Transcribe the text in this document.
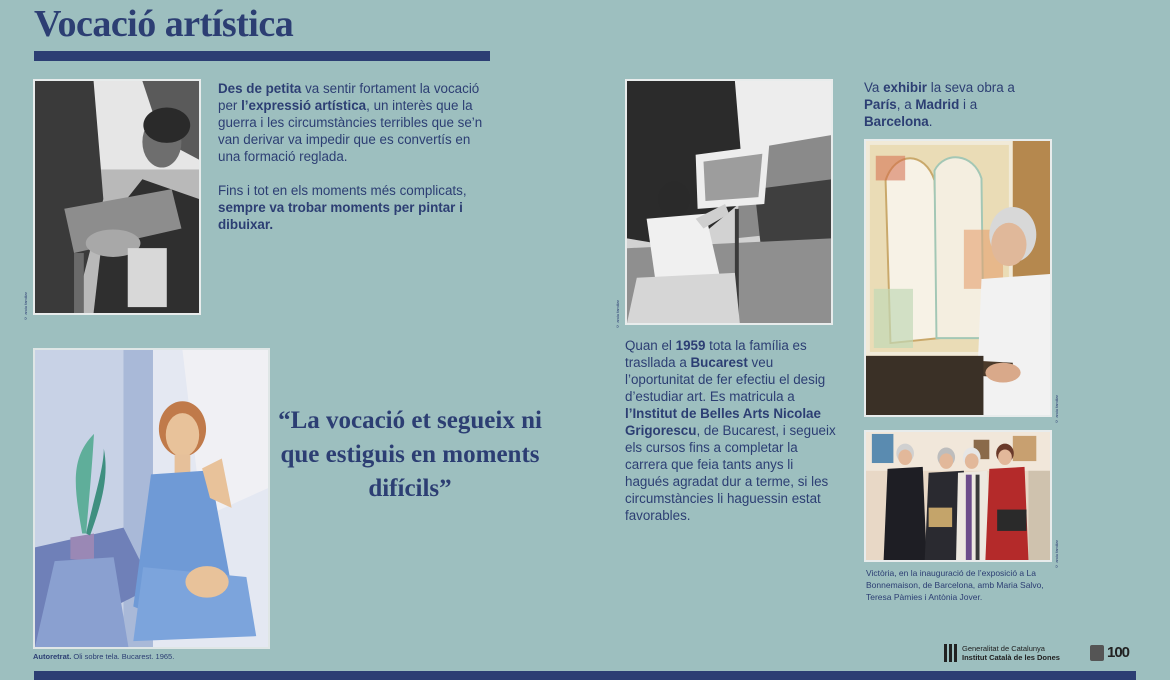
Vocació artística
© arxiu familiar

Des de petita va sentir fortament la vocació per l’expressió artística, un interès que la guerra i les circumstàncies terribles que se’n van derivar va impedir que es convertís en una formació reglada.

Fins i tot en els moments més complicats, sempre va trobar moments per pintar i dibuixar.

Autoretrat. Oli sobre tela. Bucarest. 1965.
“La vocació et segueix ni que estiguis en moments difícils”
© arxiu familiar

Quan el 1959 tota la família es trasllada a Bucarest veu l’oportunitat de fer efectiu el desig d’estudiar art. Es matricula a l’Institut de Belles Arts Nicolae Grigorescu, de Bucarest, i segueix els cursos fins a completar la carrera que feia tants anys li hagués agradat dur a terme, si les circumstàncies li haguessin estat favorables.

Va exhibir la seva obra a París, a Madrid i a Barcelona.

© arxiu familiar
© arxiu familiar
Victòria, en la inauguració de l’exposició a La Bonnemaison, de Barcelona, amb Maria Salvo, Teresa Pàmies i Antònia Jover.
Generalitat de Catalunya
Institut Català de les Dones	100
